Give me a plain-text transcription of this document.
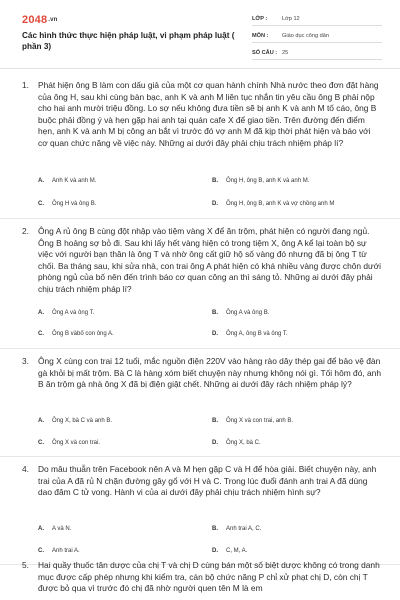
2048.vn
Các hình thức thực hiện pháp luật, vi phạm pháp luật ( phần 3)
LỚP :	Lớp 12
MÔN :	Giáo dục công dân
SỐ CÂU : 25
1. Phát hiện ông B làm con dấu giả của một cơ quan hành chính Nhà nước theo đơn đặt hàng của ông H, sau khi cùng bàn bạc, anh K và anh M liên tục nhắn tin yêu cầu ông B phải nộp cho hai anh mười triệu đồng. Lo sợ nếu không đưa tiền sẽ bị anh K và anh M tố cáo, ông B buộc phải đồng ý và hẹn gặp hai anh tại quán cafe X để giao tiền. Trên đường đến điểm hẹn, anh K và anh M bị công an bắt vì trước đó vợ anh M đã kịp thời phát hiện và báo với cơ quan chức năng về việc này. Những ai dưới đây phải chịu trách nhiệm pháp lí?
A. Anh K và anh M.	B. Ông H, ông B, anh K và anh M.
C. Ông H và ông B.	D. Ông H, ông B, anh K và vợ chồng anh M
2. Ông A rủ ông B cùng đột nhập vào tiệm vàng X để ăn trộm, phát hiện có người đang ngủ. Ông B hoảng sợ bỏ đi. Sau khi lấy hết vàng hiện có trong tiệm X, ông A kể lại toàn bộ sự việc với người bạn thân là ông T và nhờ ông cất giữ hộ số vàng đó nhưng đã bị ông T từ chối. Ba tháng sau, khi sửa nhà, con trai ông A phát hiện có khá nhiều vàng được chôn dưới phòng ngủ của bố nên đến trình báo cơ quan công an thì sáng tỏ. Những ai dưới đây phải chịu trách nhiệm pháp lí?
A. Ông A và ông T.	B. Ông A và ông B.
C. Ông B vàbố con ông A.	D. Ông A, ông B và ông T.
3. Ông X cùng con trai 12 tuổi, mắc nguồn điện 220V vào hàng rào dây thép gai để bảo vệ đàn gà khỏi bị mất trộm. Bà C là hàng xóm biết chuyện này nhưng không nói gì. Tối hôm đó, anh B ăn trộm gà nhà ông X đã bị điện giật chết. Những ai dưới đây rách nhiệm pháp lý?
A. Ông X, bà C và anh B.	B. Ông X và con trai, anh B.
C. Ông X và con trai.	D. Ông X, bà C.
4. Do mâu thuẫn trên Facebook nên A và M hẹn gặp C và H để hòa giải. Biết chuyện này, anh trai của A đã rủ N chặn đường gây gổ với H và C. Trong lúc đuổi đánh anh trai A đã dùng dao đâm C tử vong. Hành vi của ai dưới đây phải chịu trách nhiệm hình sự?
A. A và N.	B. Anh trai A, C.
C. Anh trai A.	D. C, M, A.
5. Hai quầy thuốc tân dược của chị T và chị D cùng bán một số biệt dược không có trong danh mục được cấp phép nhưng khi kiểm tra, cán bộ chức năng P chỉ xử phạt chị D, còn chị T được bỏ qua vì trước đó chị đã nhờ người quen tên M là em
